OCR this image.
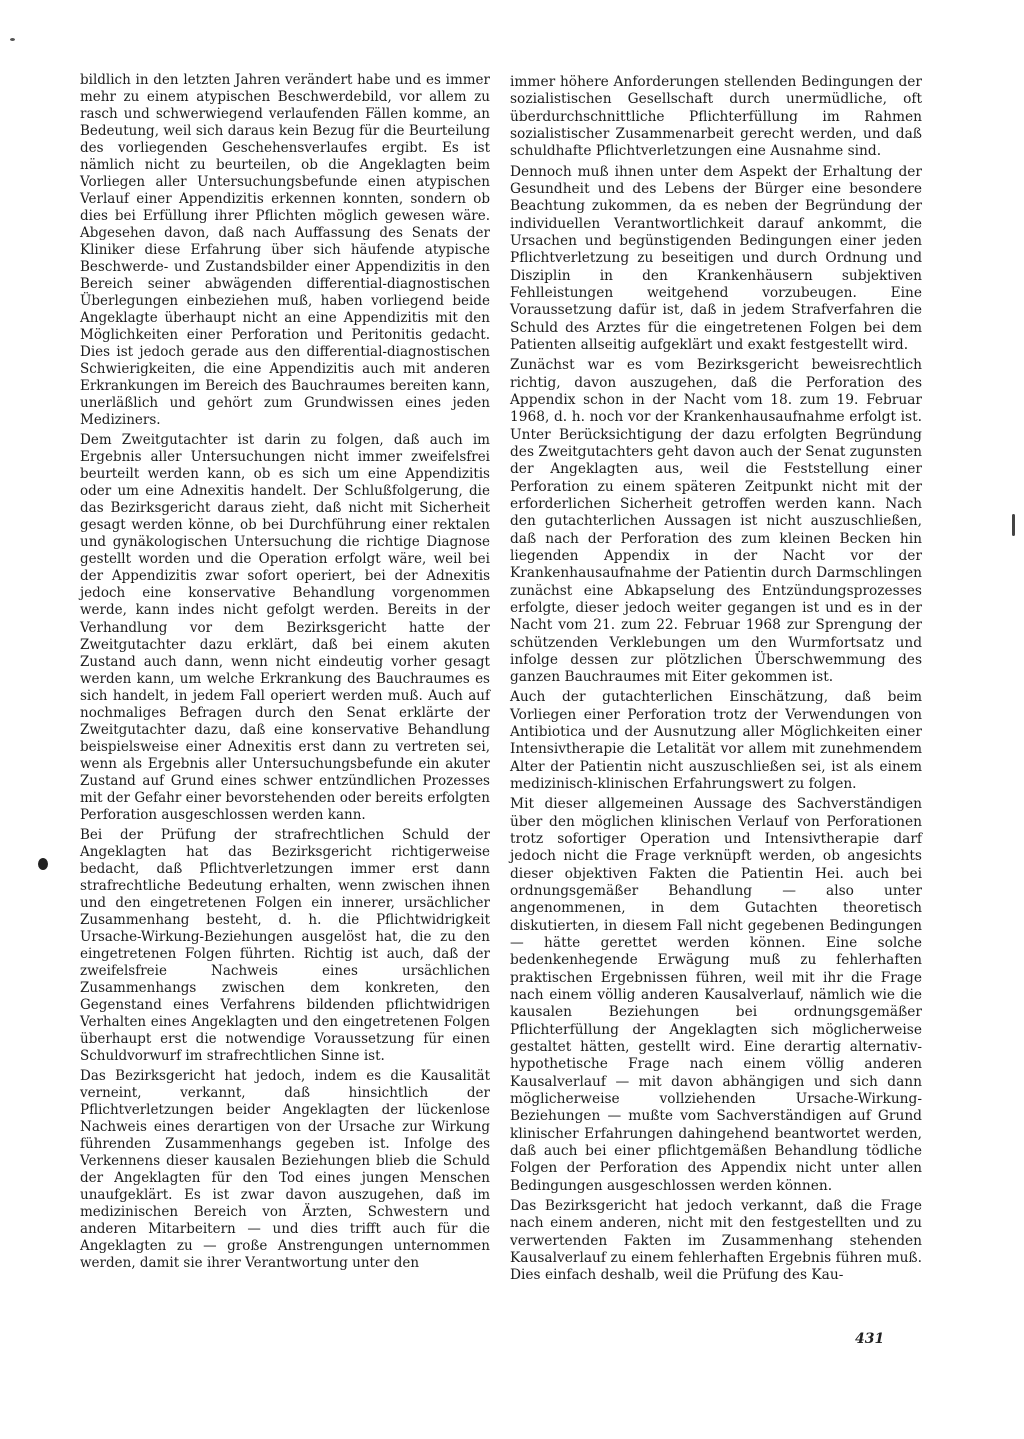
bildlich in den letzten Jahren verändert habe und es immer mehr zu einem atypischen Beschwerdebild, vor allem zu rasch und schwerwiegend verlaufenden Fällen komme, an Bedeutung, weil sich daraus kein Bezug für die Beurteilung des vorliegenden Geschehensverlaufes ergibt. Es ist nämlich nicht zu beurteilen, ob die Angeklagten beim Vorliegen aller Untersuchungsbefunde einen atypischen Verlauf einer Appendizitis erkennen konnten, sondern ob dies bei Erfüllung ihrer Pflichten möglich gewesen wäre. Abgesehen davon, daß nach Auffassung des Senats der Kliniker diese Erfahrung über sich häufende atypische Beschwerde- und Zustandsbilder einer Appendizitis in den Bereich seiner abwägenden differential-diagnostischen Überlegungen einbeziehen muß, haben vorliegend beide Angeklagte überhaupt nicht an eine Appendizitis mit den Möglichkeiten einer Perforation und Peritonitis gedacht. Dies ist jedoch gerade aus den differential-diagnostischen Schwierigkeiten, die eine Appendizitis auch mit anderen Erkrankungen im Bereich des Bauchraumes bereiten kann, unerläßlich und gehört zum Grundwissen eines jeden Mediziners.

Dem Zweitgutachter ist darin zu folgen, daß auch im Ergebnis aller Untersuchungen nicht immer zweifelsfrei beurteilt werden kann, ob es sich um eine Appendizitis oder um eine Adnexitis handelt. Der Schlußfolgerung, die das Bezirksgericht daraus zieht, daß nicht mit Sicherheit gesagt werden könne, ob bei Durchführung einer rektalen und gynäkologischen Untersuchung die richtige Diagnose gestellt worden und die Operation erfolgt wäre, weil bei der Appendizitis zwar sofort operiert, bei der Adnexitis jedoch eine konservative Behandlung vorgenommen werde, kann indes nicht gefolgt werden. Bereits in der Verhandlung vor dem Bezirksgericht hatte der Zweitgutachter dazu erklärt, daß bei einem akuten Zustand auch dann, wenn nicht eindeutig vorher gesagt werden kann, um welche Erkrankung des Bauchraumes es sich handelt, in jedem Fall operiert werden muß. Auch auf nochmaliges Befragen durch den Senat erklärte der Zweitgutachter dazu, daß eine konservative Behandlung beispielsweise einer Adnexitis erst dann zu vertreten sei, wenn als Ergebnis aller Untersuchungsbefunde ein akuter Zustand auf Grund eines schwer entzündlichen Prozesses mit der Gefahr einer bevorstehenden oder bereits erfolgten Perforation ausgeschlossen werden kann.

Bei der Prüfung der strafrechtlichen Schuld der Angeklagten hat das Bezirksgericht richtigerweise bedacht, daß Pflichtverletzungen immer erst dann strafrechtliche Bedeutung erhalten, wenn zwischen ihnen und den eingetretenen Folgen ein innerer, ursächlicher Zusammenhang besteht, d. h. die Pflichtwidrigkeit Ursache-Wirkung-Beziehungen ausgelöst hat, die zu den eingetretenen Folgen führten. Richtig ist auch, daß der zweifelsfreie Nachweis eines ursächlichen Zusammenhangs zwischen dem konkreten, den Gegenstand eines Verfahrens bildenden pflichtwidrigen Verhalten eines Angeklagten und den eingetretenen Folgen überhaupt erst die notwendige Voraussetzung für einen Schuldvorwurf im strafrechtlichen Sinne ist.

Das Bezirksgericht hat jedoch, indem es die Kausalität verneint, verkannt, daß hinsichtlich der Pflichtverletzungen beider Angeklagten der lückenlose Nachweis eines derartigen von der Ursache zur Wirkung führenden Zusammenhangs gegeben ist. Infolge des Verkennens dieser kausalen Beziehungen blieb die Schuld der Angeklagten für den Tod eines jungen Menschen unaufgeklärt. Es ist zwar davon auszugehen, daß im medizinischen Bereich von Ärzten, Schwestern und anderen Mitarbeitern — und dies trifft auch für die Angeklagten zu — große Anstrengungen unternommen werden, damit sie ihrer Verantwortung unter den

immer höhere Anforderungen stellenden Bedingungen der sozialistischen Gesellschaft durch unermüdliche, oft überdurchschnittliche Pflichterfüllung im Rahmen sozialistischer Zusammenarbeit gerecht werden, und daß schuldhafte Pflichtverletzungen eine Ausnahme sind.

Dennoch muß ihnen unter dem Aspekt der Erhaltung der Gesundheit und des Lebens der Bürger eine besondere Beachtung zukommen, da es neben der Begründung der individuellen Verantwortlichkeit darauf ankommt, die Ursachen und begünstigenden Bedingungen einer jeden Pflichtverletzung zu beseitigen und durch Ordnung und Disziplin in den Krankenhäusern subjektiven Fehlleistungen weitgehend vorzubeugen. Eine Voraussetzung dafür ist, daß in jedem Strafverfahren die Schuld des Arztes für die eingetretenen Folgen bei dem Patienten allseitig aufgeklärt und exakt festgestellt wird.

Zunächst war es vom Bezirksgericht beweisrechtlich richtig, davon auszugehen, daß die Perforation des Appendix schon in der Nacht vom 18. zum 19. Februar 1968, d. h. noch vor der Krankenhausaufnahme erfolgt ist. Unter Berücksichtigung der dazu erfolgten Begründung des Zweitgutachters geht davon auch der Senat zugunsten der Angeklagten aus, weil die Feststellung einer Perforation zu einem späteren Zeitpunkt nicht mit der erforderlichen Sicherheit getroffen werden kann. Nach den gutachterlichen Aussagen ist nicht auszuschließen, daß nach der Perforation des zum kleinen Becken hin liegenden Appendix in der Nacht vor der Krankenhausaufnahme der Patientin durch Darmschlingen zunächst eine Abkapselung des Entzündungsprozesses erfolgte, dieser jedoch weiter gegangen ist und es in der Nacht vom 21. zum 22. Februar 1968 zur Sprengung der schützenden Verklebungen um den Wurmfortsatz und infolge dessen zur plötzlichen Überschwemmung des ganzen Bauchraumes mit Eiter gekommen ist.

Auch der gutachterlichen Einschätzung, daß beim Vorliegen einer Perforation trotz der Verwendungen von Antibiotica und der Ausnutzung aller Möglichkeiten einer Intensivtherapie die Letalität vor allem mit zunehmendem Alter der Patientin nicht auszuschließen sei, ist als einem medizinisch-klinischen Erfahrungswert zu folgen.

Mit dieser allgemeinen Aussage des Sachverständigen über den möglichen klinischen Verlauf von Perforationen trotz sofortiger Operation und Intensivtherapie darf jedoch nicht die Frage verknüpft werden, ob angesichts dieser objektiven Fakten die Patientin Hei. auch bei ordnungsgemäßer Behandlung — also unter angenommenen, in dem Gutachten theoretisch diskutierten, in diesem Fall nicht gegebenen Bedingungen — hätte gerettet werden können. Eine solche bedenkenhegende Erwägung muß zu fehlerhaften praktischen Ergebnissen führen, weil mit ihr die Frage nach einem völlig anderen Kausalverlauf, nämlich wie die kausalen Beziehungen bei ordnungsgemäßer Pflichterfüllung der Angeklagten sich möglicherweise gestaltet hätten, gestellt wird. Eine derartig alternativ-hypothetische Frage nach einem völlig anderen Kausalverlauf — mit davon abhängigen und sich dann möglicherweise vollziehenden Ursache-Wirkung-Beziehungen — mußte vom Sachverständigen auf Grund klinischer Erfahrungen dahingehend beantwortet werden, daß auch bei einer pflichtgemäßen Behandlung tödliche Folgen der Perforation des Appendix nicht unter allen Bedingungen ausgeschlossen werden können.

Das Bezirksgericht hat jedoch verkannt, daß die Frage nach einem anderen, nicht mit den festgestellten und zu verwertenden Fakten im Zusammenhang stehenden Kausalverlauf zu einem fehlerhaften Ergebnis führen muß. Dies einfach deshalb, weil die Prüfung des Kau-

431
